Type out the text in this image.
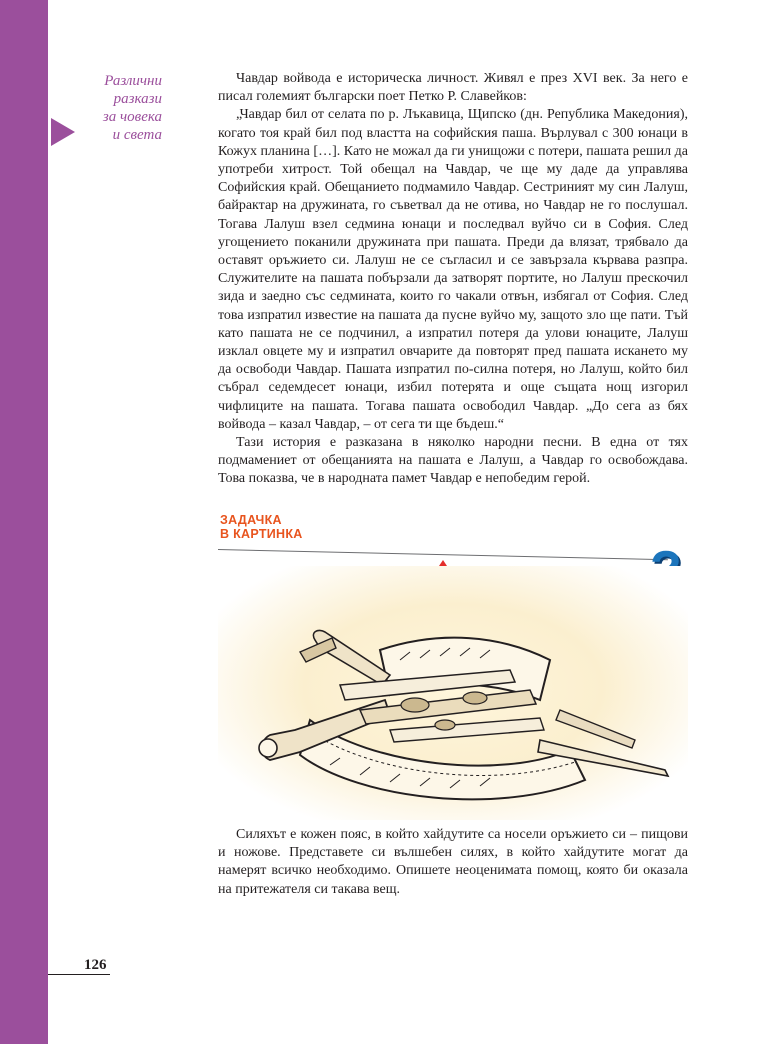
Различни
разкази
за човека
и света

Чавдар войвода е историческа личност. Живял е през XVI век. За него е писал големият български поет Петко Р. Славейков:

„Чавдар бил от селата по р. Лъкавица, Щипско (дн. Република Македония), когато тоя край бил под властта на софийския паша. Върлувал с 300 юнаци в Кожух планина […]. Като не можал да ги унищожи с потери, пашата решил да употреби хитрост. Той обещал на Чавдар, че ще му даде да управлява Софийския край. Обещанието подмамило Чавдар. Сестриният му син Лалуш, байрактар на дружината, го съветвал да не отива, но Чавдар не го послушал. Тогава Лалуш взел седмина юнаци и последвал вуйчо си в София. След угощението поканили дружината при пашата. Преди да влязат, трябвало да оставят оръжието си. Лалуш не се съгласил и се завързала кървава разпра. Служителите на пашата побързали да затворят портите, но Лалуш прескочил зида и заедно със седмината, които го чакали отвън, избягал от София. След това изпратил известие на пашата да пусне вуйчо му, защото зло ще пати. Тъй като пашата не се подчинил, а изпратил потеря да улови юнаците, Лалуш изклал овцете му и изпратил овчарите да повторят пред пашата искането му да освободи Чавдар. Пашата изпратил по-силна потеря, но Лалуш, който бил събрал седемдесет юнаци, избил потерята и още същата нощ изгорил чифлиците на пашата. Тогава пашата освободил Чавдар. „До сега аз бях войвода – казал Чавдар, – от сега ти ще бъдеш.“

Тази история е разказана в няколко народни песни. В една от тях подмамениет от обещанията на пашата е Лалуш, а Чавдар го освобождава. Това показва, че в народната памет Чавдар е непобедим герой.

ЗАДАЧКА
В КАРТИНКА

Силяхът е кожен пояс, в който хайдутите са носели оръжието си – пищови и ножове. Представете си вълшебен силях, в който хайдутите могат да намерят всичко необходимо. Опишете неоценимата помощ, която би оказала на притежателя си такава вещ.

126
